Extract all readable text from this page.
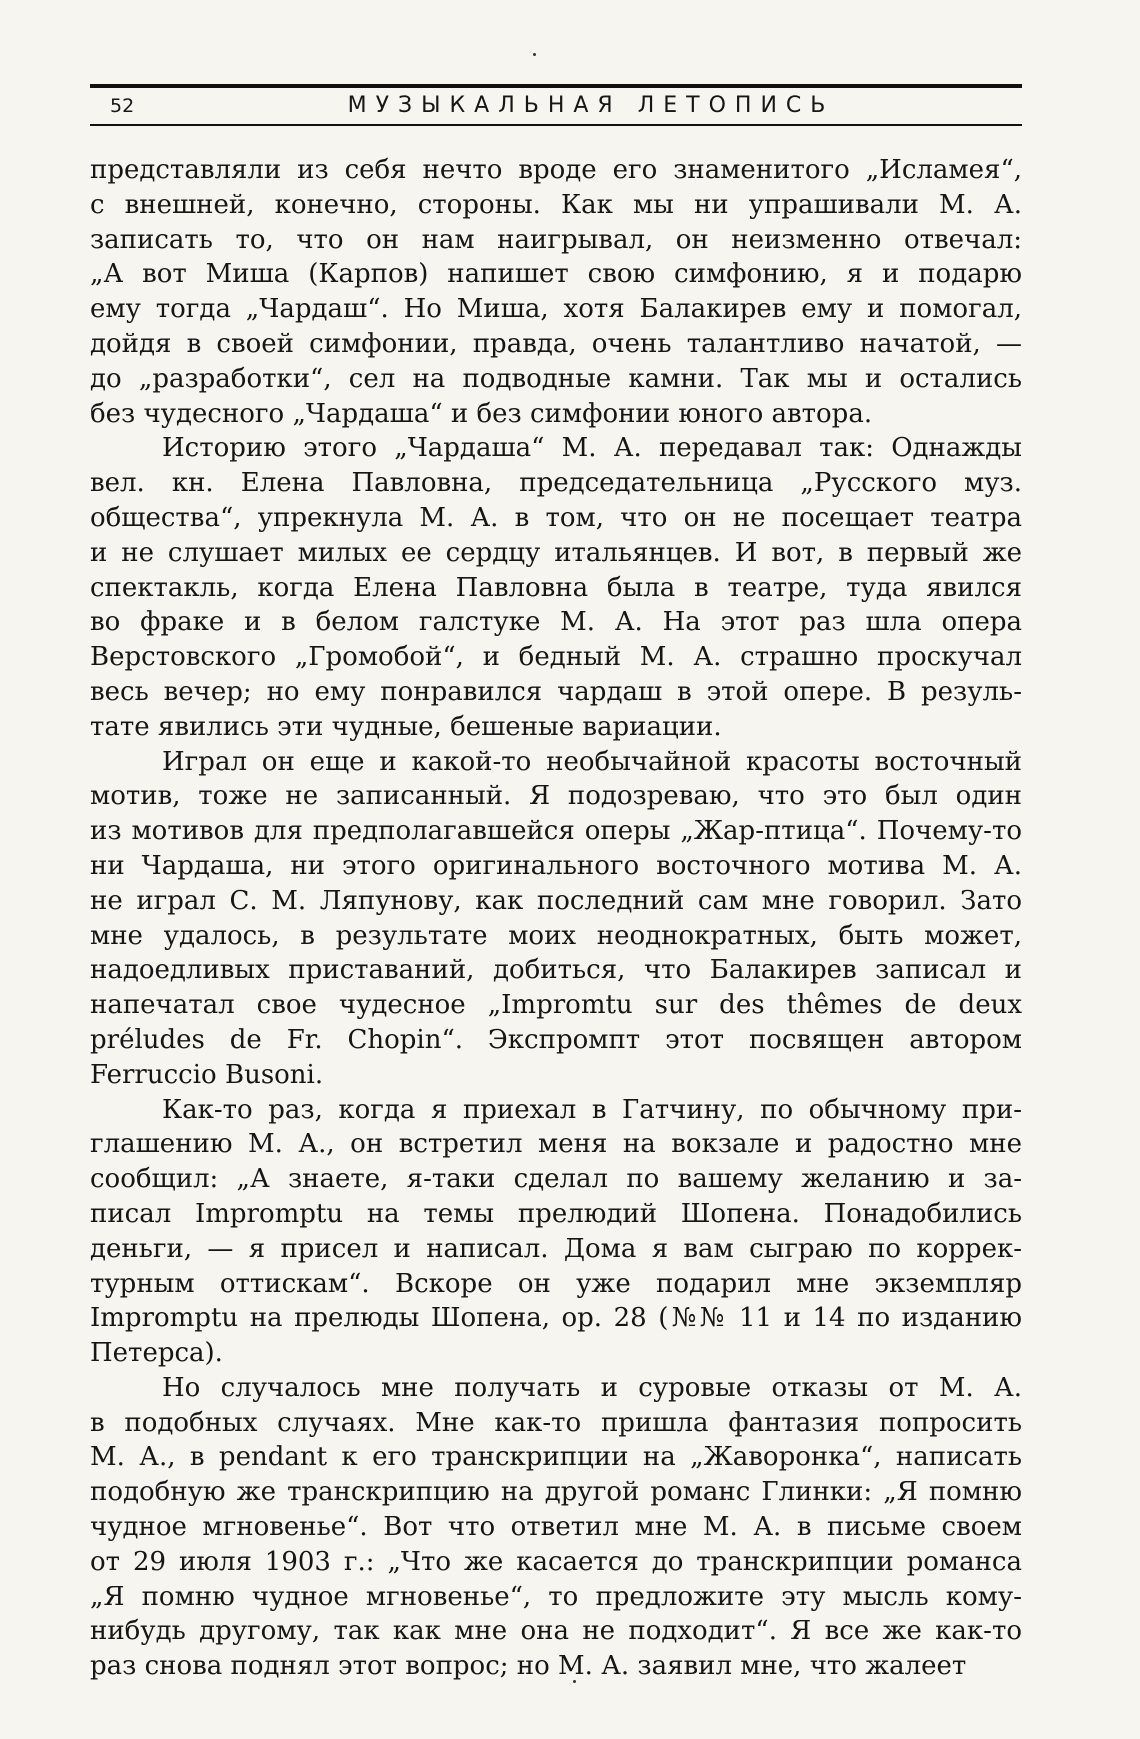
52	МУЗЫКАЛЬНАЯ ЛЕТОПИСЬ
представляли из себя нечто вроде его знаменитого „Исламея“,
с внешней, конечно, стороны. Как мы ни упрашивали М. А.
записать то, что он нам наигрывал, он неизменно отвечал:
„А вот Миша (Карпов) напишет свою симфонию, я и подарю
ему тогда „Чардаш“. Но Миша, хотя Балакирев ему и помогал,
дойдя в своей симфонии, правда, очень талантливо начатой, —
до „разработки“, сел на подводные камни. Так мы и остались
без чудесного „Чардаша“ и без симфонии юного автора.
Историю этого „Чардаша“ М. А. передавал так: Однажды
вел. кн. Елена Павловна, председательница „Русского муз.
общества“, упрекнула М. А. в том, что он не посещает театра
и не слушает милых ее сердцу итальянцев. И вот, в первый же
спектакль, когда Елена Павловна была в театре, туда явился
во фраке и в белом галстуке М. А. На этот раз шла опера
Верстовского „Громобой“, и бедный М. А. страшно проскучал
весь вечер; но ему понравился чардаш в этой опере. В резуль-
тате явились эти чудные, бешеные вариации.
Играл он еще и какой-то необычайной красоты восточный
мотив, тоже не записанный. Я подозреваю, что это был один
из мотивов для предполагавшейся оперы „Жар-птица“. Почему-то
ни Чардаша, ни этого оригинального восточного мотива М. А.
не играл С. М. Ляпунову, как последний сам мне говорил. Зато
мне удалось, в результате моих неоднократных, быть может,
надоедливых приставаний, добиться, что Балакирев записал и
напечатал свое чудесное „Impromtu sur des thêmes de deux
préludes de Fr. Chopin“. Экспромпт этот посвящен автором
Ferruccio Busoni.
Как-то раз, когда я приехал в Гатчину, по обычному при-
глашению М. А., он встретил меня на вокзале и радостно мне
сообщил: „А знаете, я-таки сделал по вашему желанию и за-
писал Impromptu на темы прелюдий Шопена. Понадобились
деньги, — я присел и написал. Дома я вам сыграю по коррек-
турным оттискам“. Вскоре он уже подарил мне экземпляр
Impromptu на прелюды Шопена, ор. 28 (№№ 11 и 14 по изданию
Петерса).
Но случалось мне получать и суровые отказы от М. А.
в подобных случаях. Мне как-то пришла фантазия попросить
М. А., в pendant к его транскрипции на „Жаворонка“, написать
подобную же транскрипцию на другой романс Глинки: „Я помню
чудное мгновенье“. Вот что ответил мне М. А. в письме своем
от 29 июля 1903 г.: „Что же касается до транскрипции романса
„Я помню чудное мгновенье“, то предложите эту мысль кому-
нибудь другому, так как мне она не подходит“. Я все же как-то
раз снова поднял этот вопрос; но М. А. заявил мне, что жалеет
